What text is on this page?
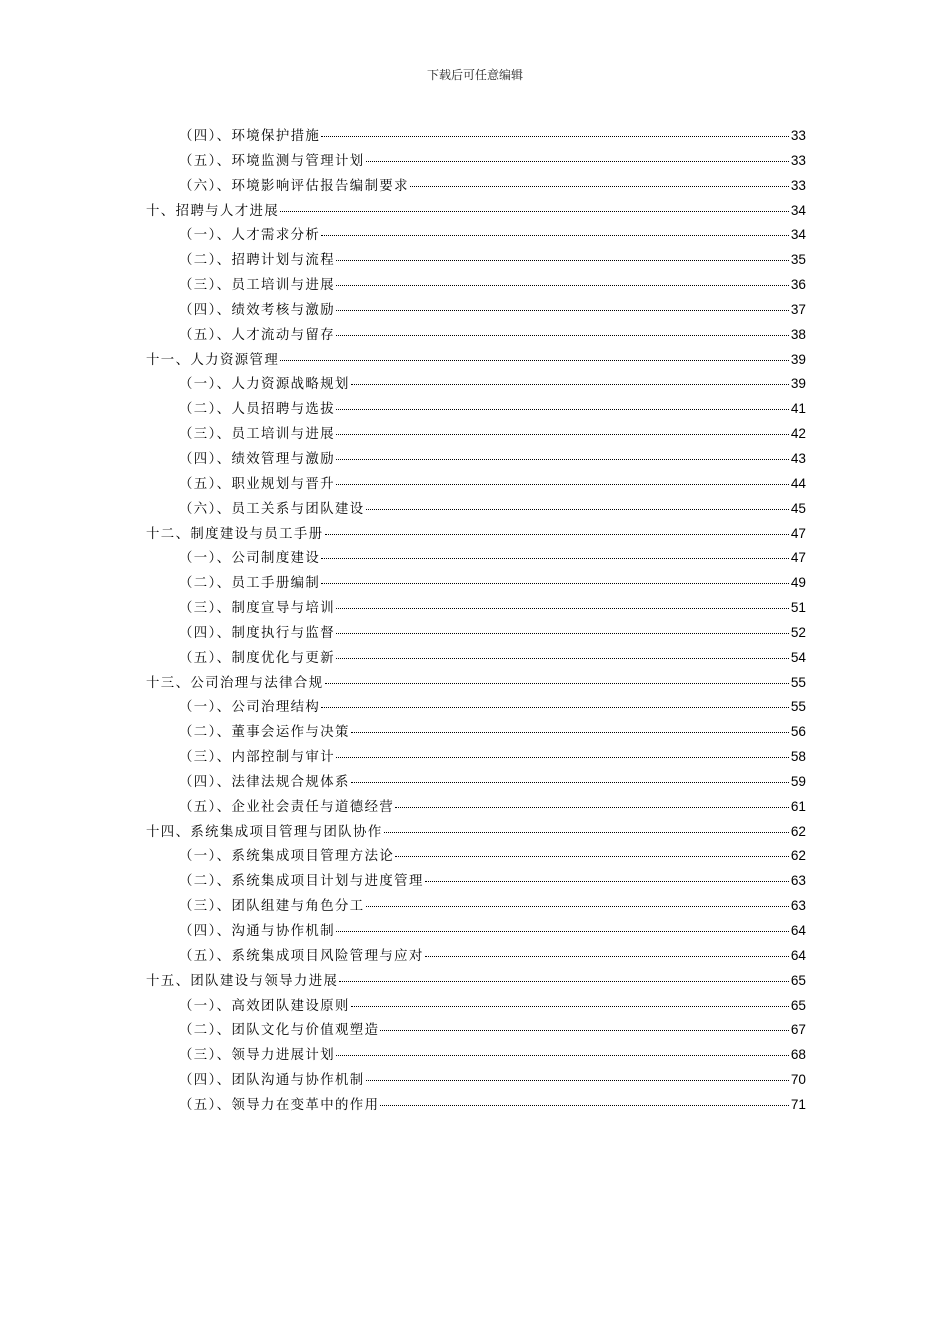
下载后可任意编辑
（四）、环境保护措施	33
（五）、环境监测与管理计划	33
（六）、环境影响评估报告编制要求	33
十、招聘与人才进展	34
（一）、人才需求分析	34
（二）、招聘计划与流程	35
（三）、员工培训与进展	36
（四）、绩效考核与激励	37
（五）、人才流动与留存	38
十一、人力资源管理	39
（一）、人力资源战略规划	39
（二）、人员招聘与选拔	41
（三）、员工培训与进展	42
（四）、绩效管理与激励	43
（五）、职业规划与晋升	44
（六）、员工关系与团队建设	45
十二、制度建设与员工手册	47
（一）、公司制度建设	47
（二）、员工手册编制	49
（三）、制度宣导与培训	51
（四）、制度执行与监督	52
（五）、制度优化与更新	54
十三、公司治理与法律合规	55
（一）、公司治理结构	55
（二）、董事会运作与决策	56
（三）、内部控制与审计	58
（四）、法律法规合规体系	59
（五）、企业社会责任与道德经营	61
十四、系统集成项目管理与团队协作	62
（一）、系统集成项目管理方法论	62
（二）、系统集成项目计划与进度管理	63
（三）、团队组建与角色分工	63
（四）、沟通与协作机制	64
（五）、系统集成项目风险管理与应对	64
十五、团队建设与领导力进展	65
（一）、高效团队建设原则	65
（二）、团队文化与价值观塑造	67
（三）、领导力进展计划	68
（四）、团队沟通与协作机制	70
（五）、领导力在变革中的作用	71
